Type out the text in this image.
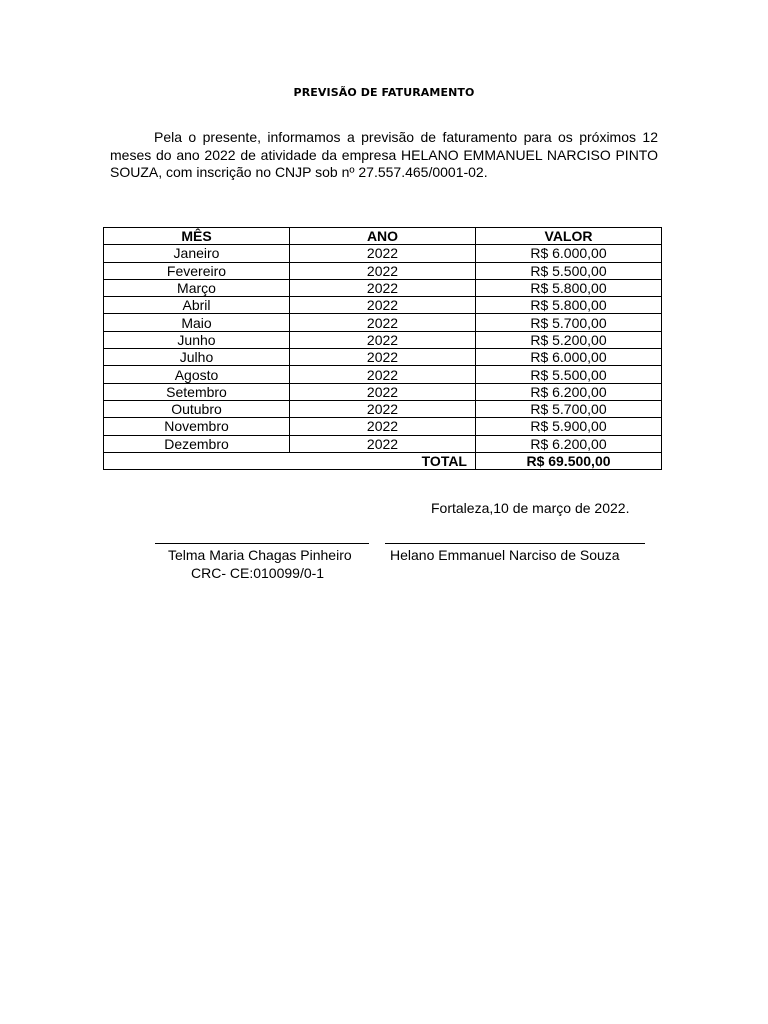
PREVISÃO DE FATURAMENTO
Pela o presente, informamos a previsão de faturamento para os próximos 12 meses do ano 2022 de atividade da empresa HELANO EMMANUEL NARCISO PINTO SOUZA, com inscrição no CNJP sob nº 27.557.465/0001-02.
MÊS	ANO	VALOR
Janeiro	2022	R$ 6.000,00
Fevereiro	2022	R$ 5.500,00
Março	2022	R$ 5.800,00
Abril	2022	R$ 5.800,00
Maio	2022	R$ 5.700,00
Junho	2022	R$ 5.200,00
Julho	2022	R$ 6.000,00
Agosto	2022	R$ 5.500,00
Setembro	2022	R$ 6.200,00
Outubro	2022	R$ 5.700,00
Novembro	2022	R$ 5.900,00
Dezembro	2022	R$ 6.200,00
TOTAL		R$ 69.500,00
Fortaleza,10 de março de 2022.
Telma Maria Chagas Pinheiro
CRC- CE:010099/0-1
Helano Emmanuel Narciso de Souza
